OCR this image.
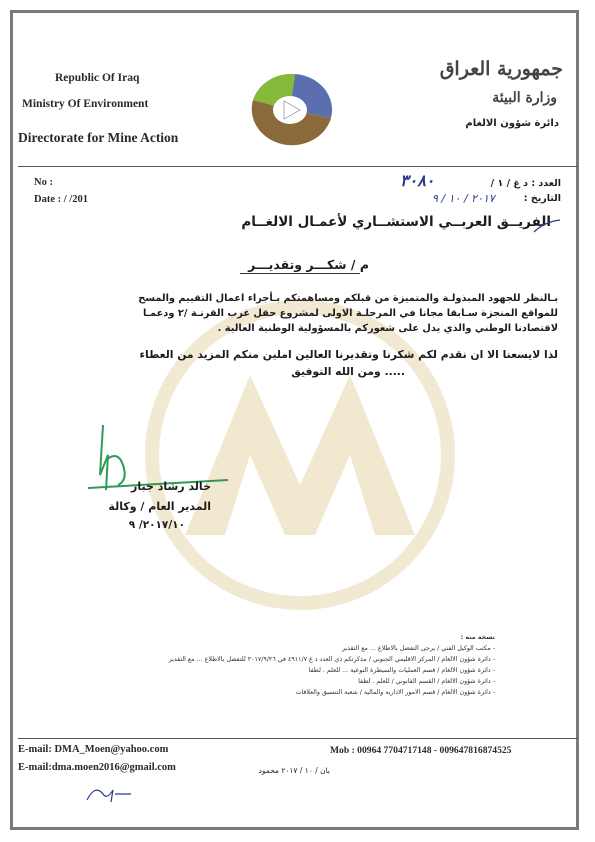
Republic Of Iraq
Ministry Of Environment
Directorate for Mine Action
جمهورية العراق
وزارة البيئة
دائرة شؤون الالغام
No :
Date : / /201
العدد : د غ / ١ /
٣٠٨٠
التاريخ :
٢٠١٧ / ١٠ / ٩
الفريــق العربــي الاستشــاري لأعمـال الالغــام
م / شكـــر وتقديـــر
بـالنظر للجهود المبذولـة والمتميزة من قبلكم ومساهمتكم بـأجراء اعمال التقييم والمسح
للمواقع المنجزة سـابقا مجانا في المرحلـة الاولى لمشروع حقل غرب القرنـة /٢ ودعمـا
لاقتصادنا الوطني والذي يدل على شعوركم بالمسؤولية الوطنية العالية .
لذا لايسعنا الا ان نقدم لكم شكرنا وتقديرنا العالين املين منكم المزيد من العطاء
..... ومن الله التوفيق
خالد رشاد جبار
المدير العام / وكالة
٢٠١٧/١٠/ ٩
نسخة منه :
- مكتب الوكيل الفني / يرجى التفضل بالاطلاع ... مع التقدير
- دائرة شؤون الالغام / المركز الاقليمي الجنوبي / مذكرتكم ذي العدد د غ ٤٩١١/٧ في ٢٠١٧/٩/٢٦ للتفضل بالاطلاع ... مع التقدير
- دائرة شؤون الالغام / قسم العمليات والسيطرة النوعية ... للعلم . لطفا
- دائرة شؤون الالغام / القسم القانوني / للعلم . لطفا
- دائرة شؤون الالغام / قسم الامور الادارية والمالية / شعبة التنسيق والعلاقات
E-mail: DMA_Moen@yahoo.com
E-mail:dma.moen2016@gmail.com
Mob : 00964 7704717148 - 009647816874525
بان / ١٠ / ٢٠١٧ محمود
